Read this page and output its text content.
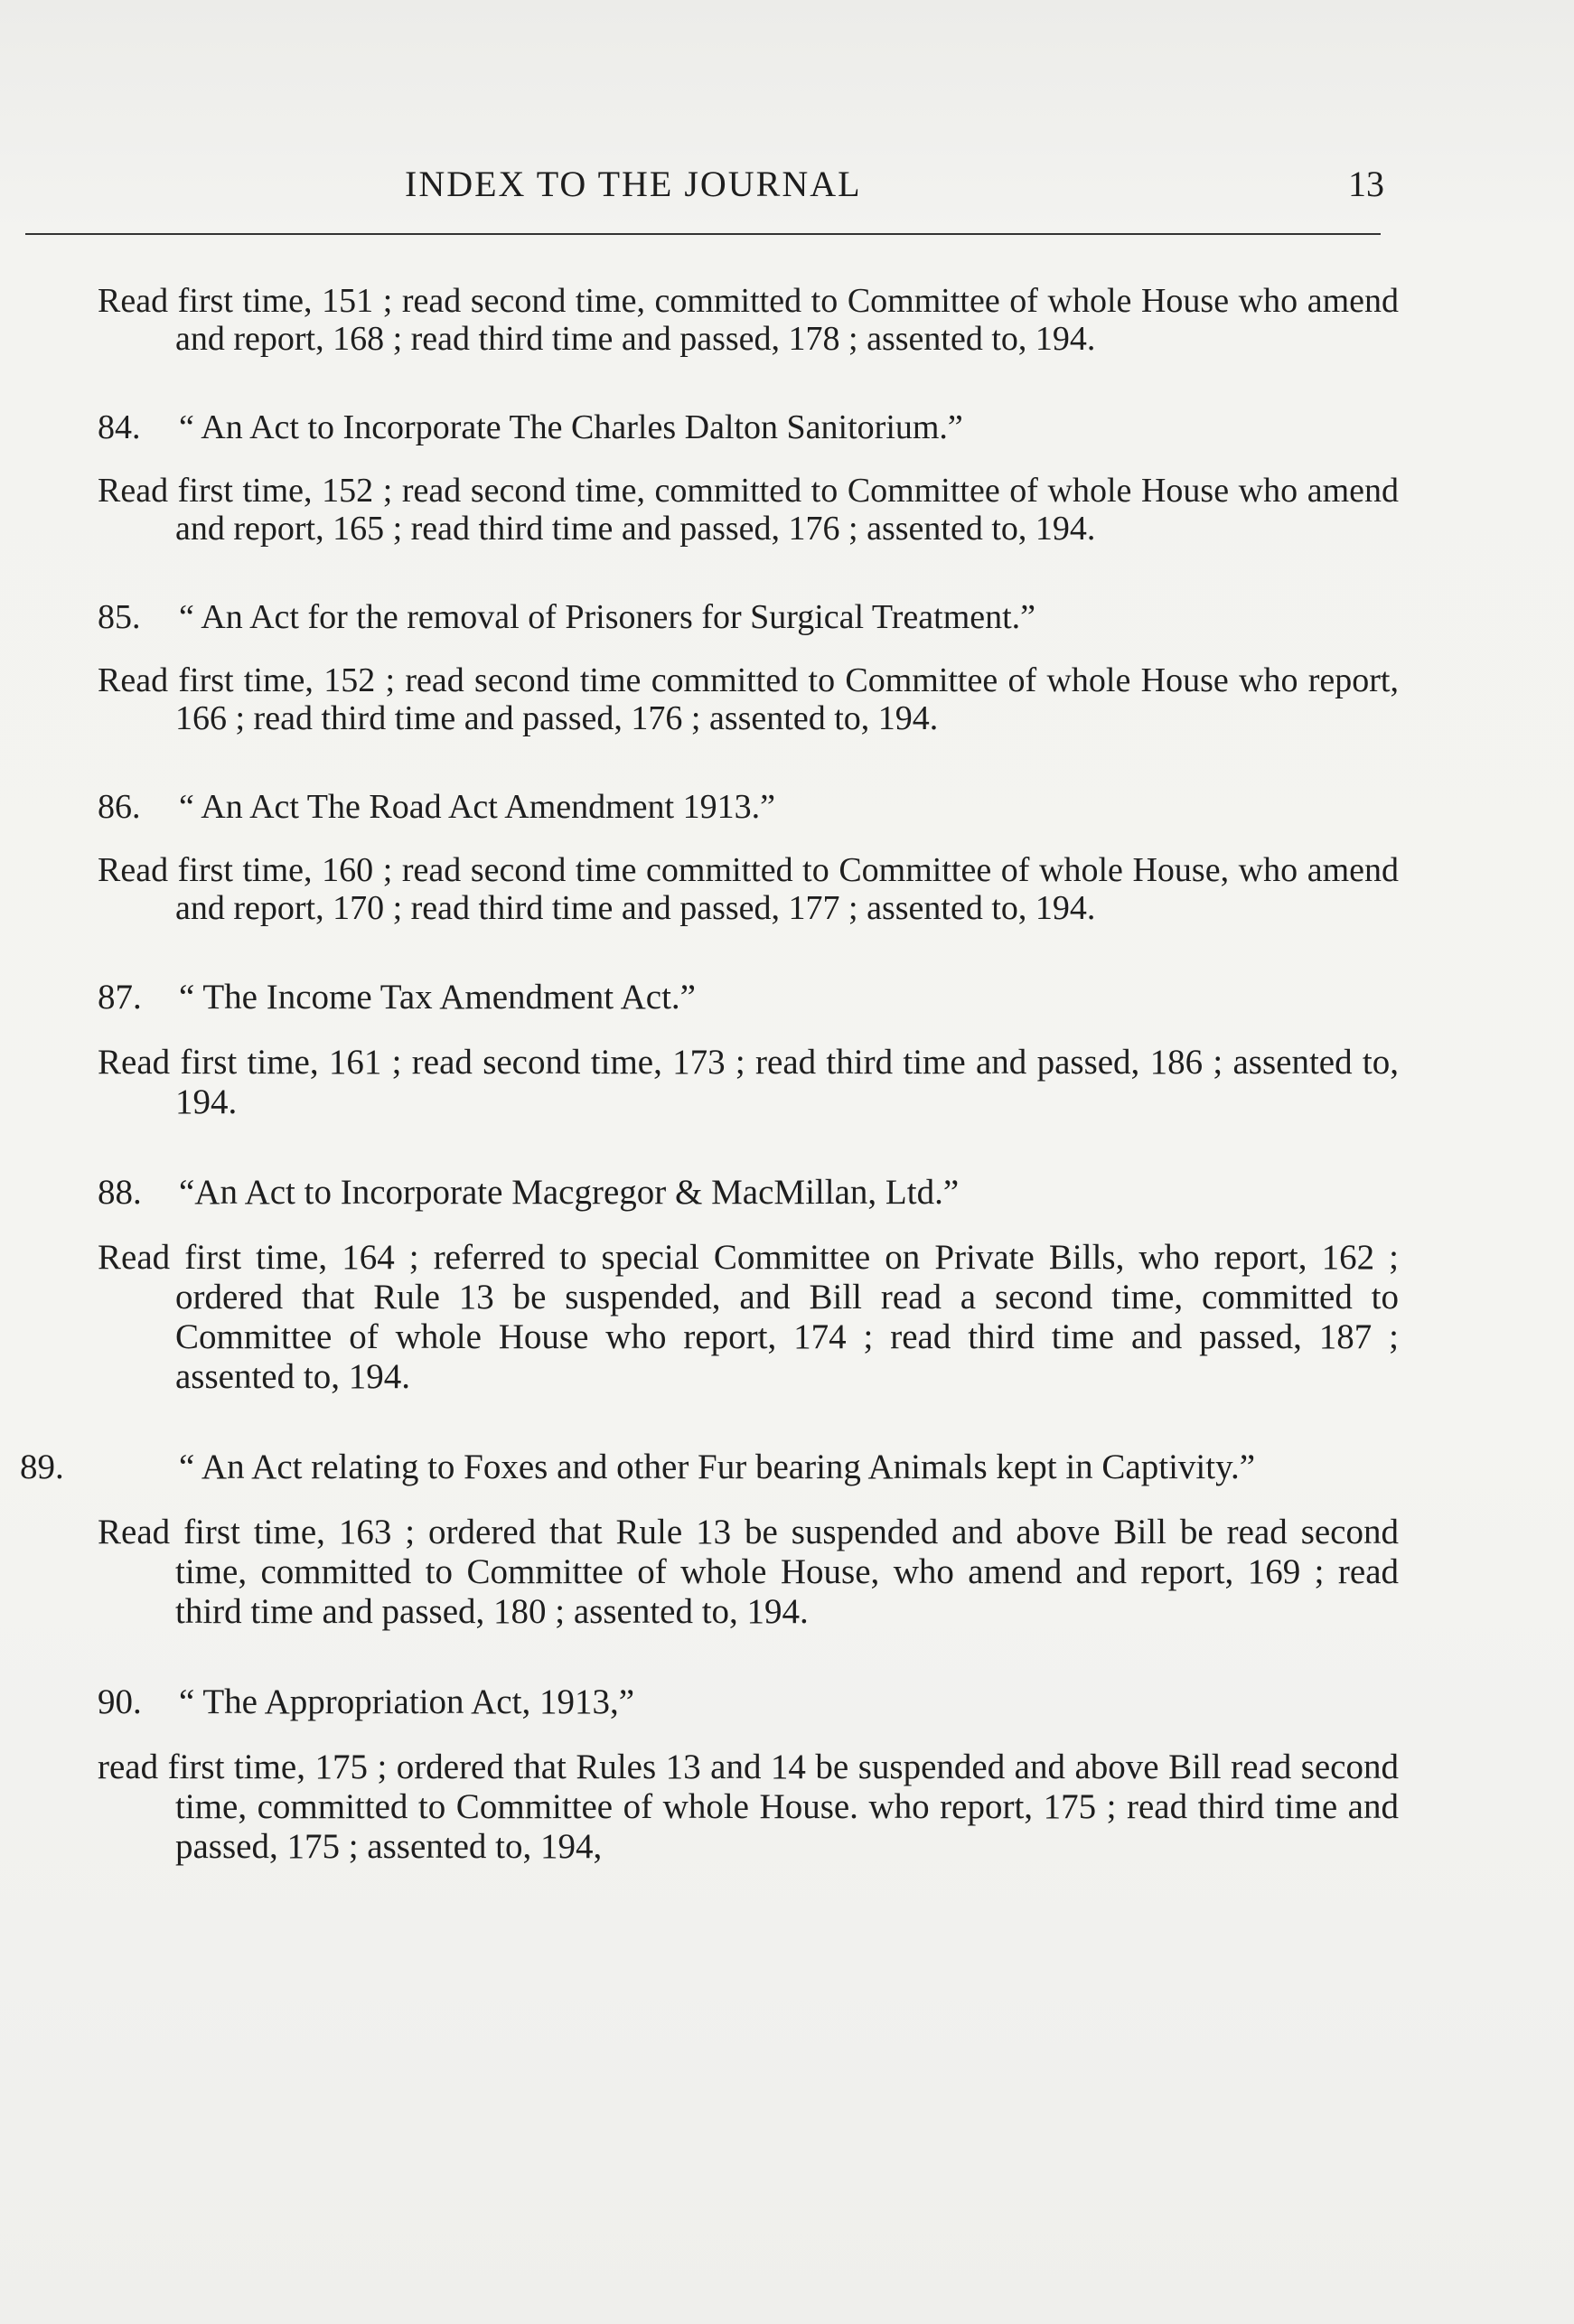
INDEX TO THE JOURNAL	13

Read first time, 151 ; read second time, committed to Committee of whole House who amend and report, 168 ; read third time and passed, 178 ; assented to, 194.

84. “ An Act to Incorporate The Charles Dalton Sanitorium.”

Read first time, 152 ; read second time, committed to Committee of whole House who amend and report, 165 ; read third time and passed, 176 ; assented to, 194.

85. “ An Act for the removal of Prisoners for Surgical Treatment.”

Read first time, 152 ; read second time committed to Committee of whole House who report, 166 ; read third time and passed, 176 ; assented to, 194.

86. “ An Act The Road Act Amendment 1913.”

Read first time, 160 ; read second time committed to Committee of whole House, who amend and report, 170 ; read third time and passed, 177 ; assented to, 194.

87. “ The Income Tax Amendment Act.”

Read first time, 161 ; read second time, 173 ; read third time and passed, 186 ; assented to, 194.

88. “An Act to Incorporate Macgregor & MacMillan, Ltd.”

Read first time, 164 ; referred to special Committee on Private Bills, who report, 162 ; ordered that Rule 13 be suspended, and Bill read a second time, committed to Committee of whole House who report, 174 ; read third time and passed, 187 ; assented to, 194.

89.	“ An Act relating to Foxes and other Fur bearing Animals kept in Captivity.”

Read first time, 163 ; ordered that Rule 13 be suspended and above Bill be read second time, committed to Committee of whole House, who amend and report, 169 ; read third time and passed, 180 ; assented to, 194.

90. “ The Appropriation Act, 1913,”

read first time, 175 ; ordered that Rules 13 and 14 be suspended and above Bill read second time, committed to Committee of whole House. who report, 175 ; read third time and passed, 175 ; assented to, 194,
